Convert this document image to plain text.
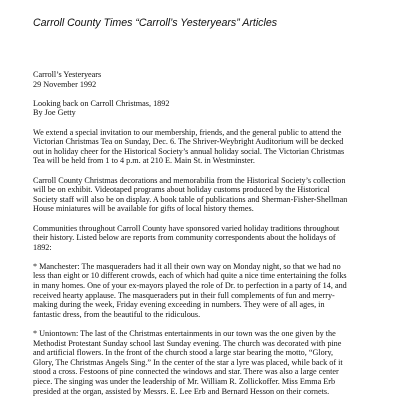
Carroll County Times “Carroll’s Yesteryears” Articles

Carroll’s Yesteryears
29 November 1992

Looking back on Carroll Christmas, 1892
By Joe Getty

We extend a special invitation to our membership, friends, and the general public to attend the
Victorian Christmas Tea on Sunday, Dec. 6. The Shriver-Weybright Auditorium will be decked
out in holiday cheer for the Historical Society’s annual holiday social. The Victorian Christmas
Tea will be held from 1 to 4 p.m. at 210 E. Main St. in Westminster.

Carroll County Christmas decorations and memorabilia from the Historical Society’s collection
will be on exhibit. Videotaped programs about holiday customs produced by the Historical
Society staff will also be on display. A book table of publications and Sherman-Fisher-Shellman
House miniatures will be available for gifts of local history themes.

Communities throughout Carroll County have sponsored varied holiday traditions throughout
their history. Listed below are reports from community correspondents about the holidays of
1892:

* Manchester: The masqueraders had it all their own way on Monday night, so that we had no
less than eight or 10 different crowds, each of which had quite a nice time entertaining the folks
in many homes. One of your ex-mayors played the role of Dr. to perfection in a party of 14, and
received hearty applause. The masqueraders put in their full complements of fun and merry-
making during the week, Friday evening exceeding in numbers. They were of all ages, in
fantastic dress, from the beautiful to the ridiculous.

* Uniontown: The last of the Christmas entertainments in our town was the one given by the
Methodist Protestant Sunday school last Sunday evening. The church was decorated with pine
and artificial flowers. In the front of the church stood a large star bearing the motto, “Glory,
Glory, The Christmas Angels Sing.” In the center of the star a lyre was placed, while back of it
stood a cross. Festoons of pine connected the windows and star. There was also a large center
piece. The singing was under the leadership of Mr. William R. Zollickoffer. Miss Emma Erb
presided at the organ, assisted by Messrs. E. Lee Erb and Bernard Hesson on their cornets.
